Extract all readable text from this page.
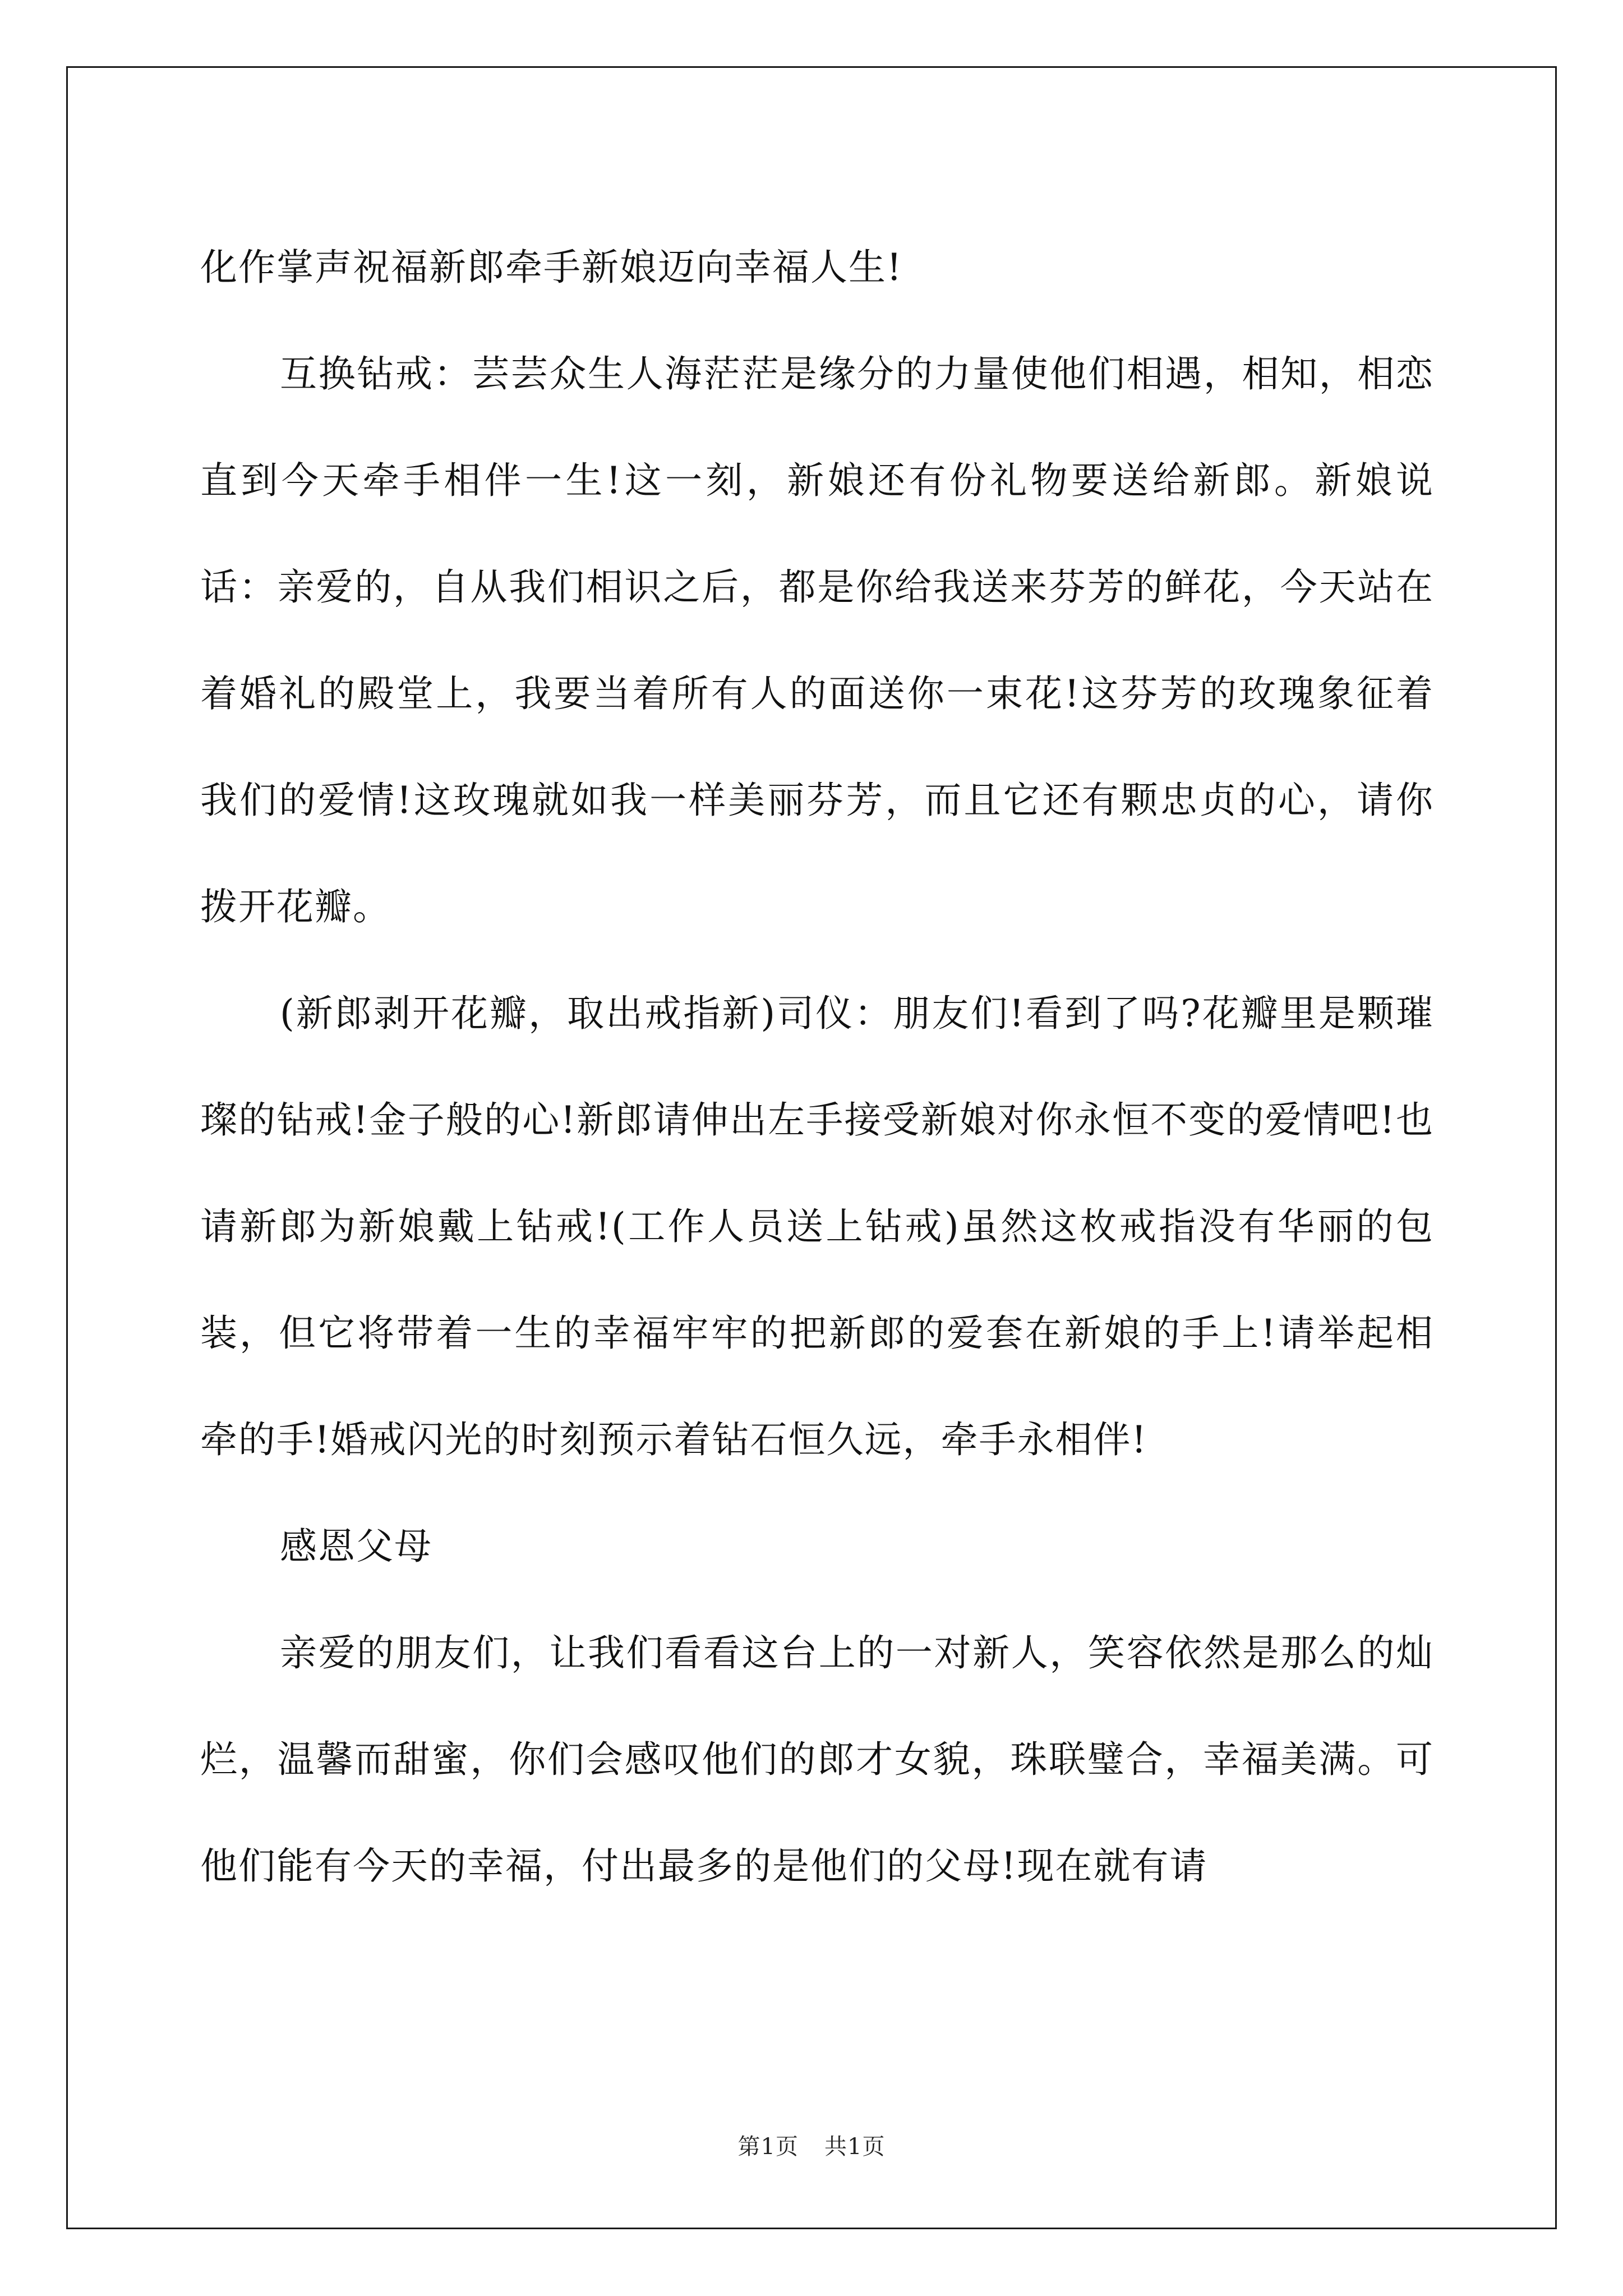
化作掌声祝福新郎牵手新娘迈向幸福人生!

互换钻戒：芸芸众生人海茫茫是缘分的力量使他们相遇，相知，相恋直到今天牵手相伴一生!这一刻，新娘还有份礼物要送给新郎。新娘说话：亲爱的，自从我们相识之后，都是你给我送来芬芳的鲜花，今天站在着婚礼的殿堂上，我要当着所有人的面送你一束花!这芬芳的玫瑰象征着我们的爱情!这玫瑰就如我一样美丽芬芳，而且它还有颗忠贞的心，请你拨开花瓣。

(新郎剥开花瓣，取出戒指新)司仪：朋友们!看到了吗?花瓣里是颗璀璨的钻戒!金子般的心!新郎请伸出左手接受新娘对你永恒不变的爱情吧!也请新郎为新娘戴上钻戒!(工作人员送上钻戒)虽然这枚戒指没有华丽的包装，但它将带着一生的幸福牢牢的把新郎的爱套在新娘的手上!请举起相牵的手!婚戒闪光的时刻预示着钻石恒久远，牵手永相伴!

感恩父母

亲爱的朋友们，让我们看看这台上的一对新人，笑容依然是那么的灿烂，温馨而甜蜜，你们会感叹他们的郎才女貌，珠联璧合，幸福美满。可他们能有今天的幸福，付出最多的是他们的父母!现在就有请

第1页 共1页
